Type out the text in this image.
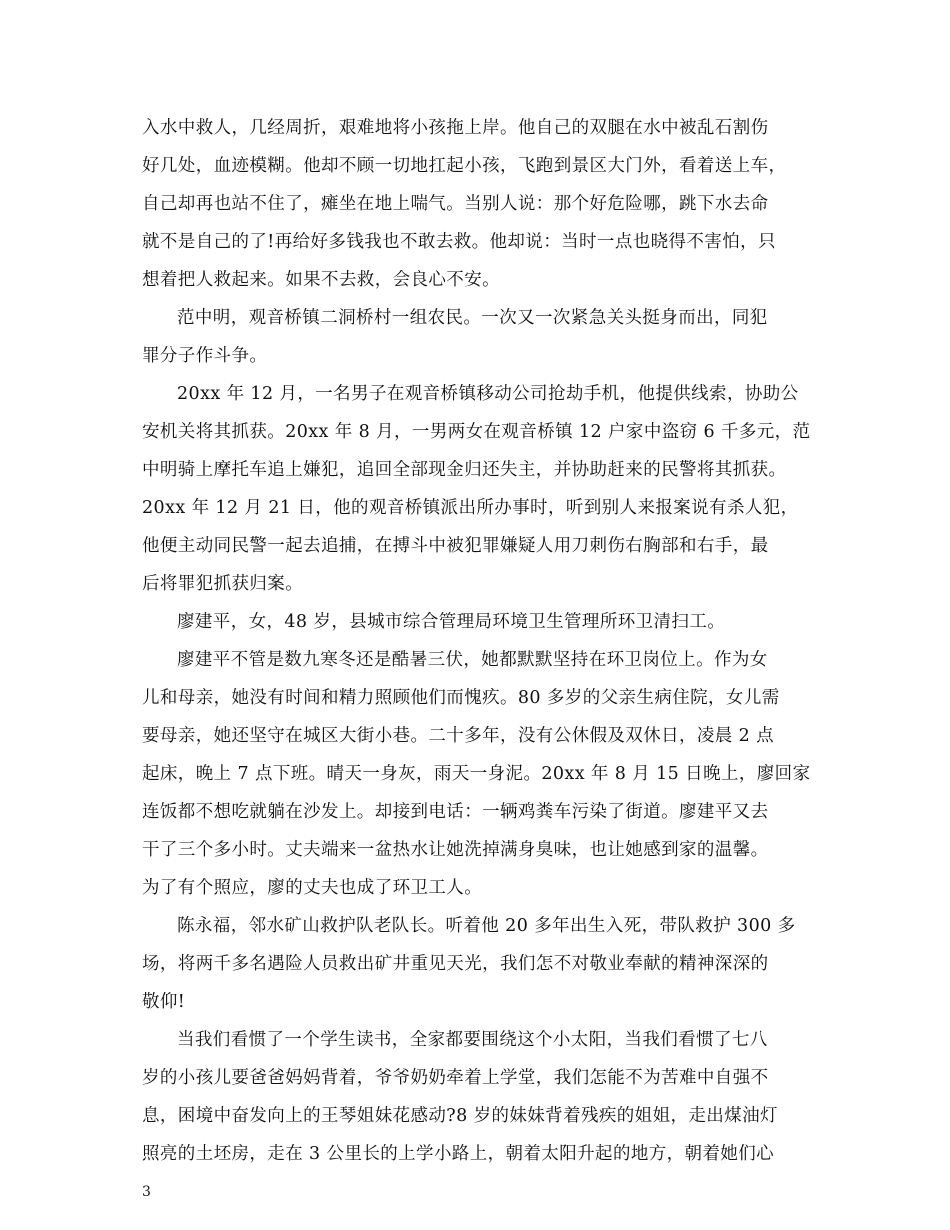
入水中救人，几经周折，艰难地将小孩拖上岸。他自己的双腿在水中被乱石割伤
好几处，血迹模糊。他却不顾一切地扛起小孩，飞跑到景区大门外，看着送上车，
自己却再也站不住了，瘫坐在地上喘气。当别人说：那个好危险哪，跳下水去命
就不是自己的了!再给好多钱我也不敢去救。他却说：当时一点也晓得不害怕，只
想着把人救起来。如果不去救，会良心不安。
范中明，观音桥镇二洞桥村一组农民。一次又一次紧急关头挺身而出，同犯
罪分子作斗争。
20xx 年 12 月，一名男子在观音桥镇移动公司抢劫手机，他提供线索，协助公
安机关将其抓获。20xx 年 8 月，一男两女在观音桥镇 12 户家中盗窃 6 千多元，范
中明骑上摩托车追上嫌犯，追回全部现金归还失主，并协助赶来的民警将其抓获。
20xx 年 12 月 21 日，他的观音桥镇派出所办事时，听到别人来报案说有杀人犯，
他便主动同民警一起去追捕，在搏斗中被犯罪嫌疑人用刀刺伤右胸部和右手，最
后将罪犯抓获归案。
廖建平，女，48 岁，县城市综合管理局环境卫生管理所环卫清扫工。
廖建平不管是数九寒冬还是酷暑三伏，她都默默坚持在环卫岗位上。作为女
儿和母亲，她没有时间和精力照顾他们而愧疚。80 多岁的父亲生病住院，女儿需
要母亲，她还坚守在城区大街小巷。二十多年，没有公休假及双休日，凌晨 2 点
起床，晚上 7 点下班。晴天一身灰，雨天一身泥。20xx 年 8 月 15 日晚上，廖回家
连饭都不想吃就躺在沙发上。却接到电话：一辆鸡粪车污染了街道。廖建平又去
干了三个多小时。丈夫端来一盆热水让她洗掉满身臭味，也让她感到家的温馨。
为了有个照应，廖的丈夫也成了环卫工人。
陈永福，邻水矿山救护队老队长。听着他 20 多年出生入死，带队救护 300 多
场，将两千多名遇险人员救出矿井重见天光，我们怎不对敬业奉献的精神深深的
敬仰!
当我们看惯了一个学生读书，全家都要围绕这个小太阳，当我们看惯了七八
岁的小孩儿要爸爸妈妈背着，爷爷奶奶牵着上学堂，我们怎能不为苦难中自强不
息，困境中奋发向上的王琴姐妹花感动?8 岁的妹妹背着残疾的姐姐，走出煤油灯
照亮的土坯房，走在 3 公里长的上学小路上，朝着太阳升起的地方，朝着她们心
3
